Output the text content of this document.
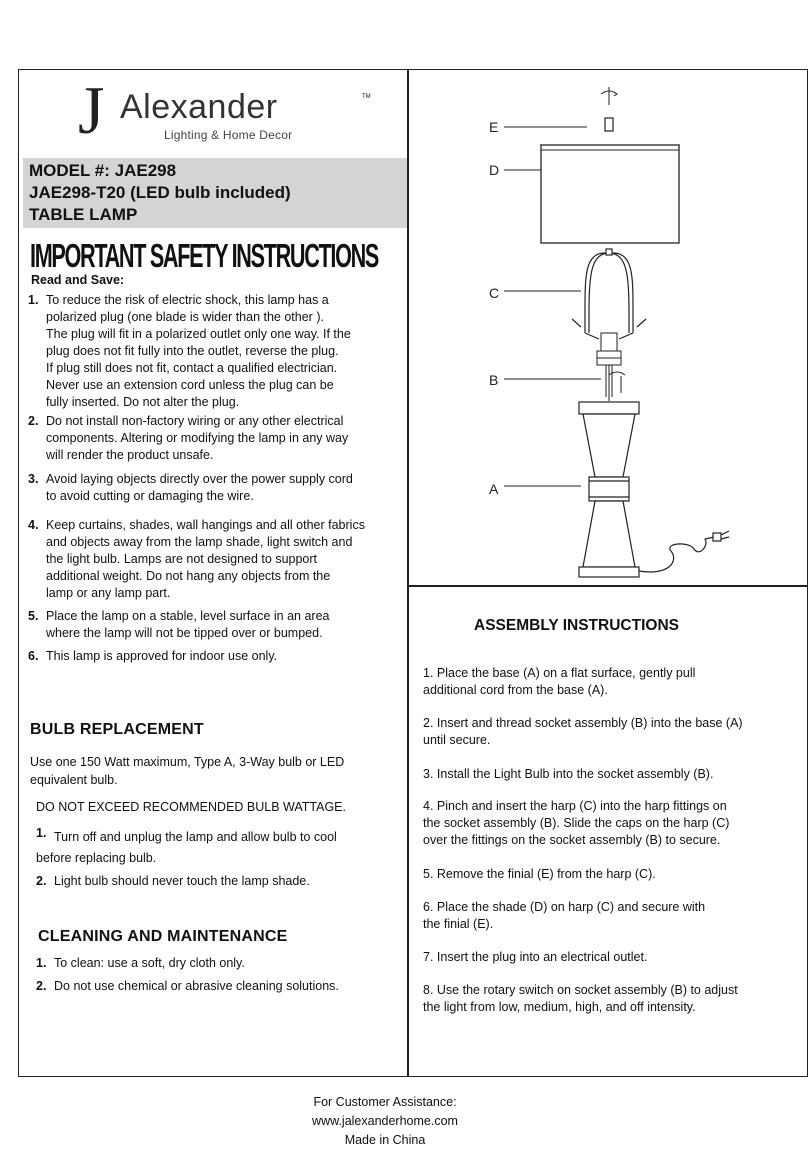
J Alexander	TM
Lighting & Home Decor
MODEL #: JAE298
JAE298-T20 (LED bulb included)
TABLE LAMP
IMPORTANT SAFETY INSTRUCTIONS
Read and Save:
1. To reduce the risk of electric shock, this lamp has a
polarized plug (one blade is wider than the other ).
The plug will fit in a polarized outlet only one way. If the
plug does not fit fully into the outlet, reverse the plug.
If plug still does not fit, contact a qualified electrician.
Never use an extension cord unless the plug can be
fully inserted. Do not alter the plug.
2. Do not install non-factory wiring or any other electrical
components. Altering or modifying the lamp in any way
will render the product unsafe.
3. Avoid laying objects directly over the power supply cord
to avoid cutting or damaging the wire.
4. Keep curtains, shades, wall hangings and all other fabrics
and objects away from the lamp shade, light switch and
the light bulb. Lamps are not designed to support
additional weight. Do not hang any objects from the
lamp or any lamp part.
5. Place the lamp on a stable, level surface in an area
where the lamp will not be tipped over or bumped.
6. This lamp is approved for indoor use only.
BULB REPLACEMENT
Use one 150 Watt maximum, Type A, 3-Way bulb or LED
equivalent bulb.
DO NOT EXCEED RECOMMENDED BULB WATTAGE.
1. Turn off and unplug the lamp and allow bulb to cool
before replacing bulb.
2. Light bulb should never touch the lamp shade.
CLEANING AND MAINTENANCE
1. To clean: use a soft, dry cloth only.
2. Do not use chemical or abrasive cleaning solutions.
E
D
C
B
A
ASSEMBLY INSTRUCTIONS
1. Place the base (A) on a flat surface, gently pull
additional cord from the base (A).
2. Insert and thread socket assembly (B) into the base (A)
until secure.
3. Install the Light Bulb into the socket assembly (B).
4. Pinch and insert the harp (C) into the harp fittings on
the socket assembly (B). Slide the caps on the harp (C)
over the fittings on the socket assembly (B) to secure.
5. Remove the finial (E) from the harp (C).
6. Place the shade (D) on harp (C) and secure with
the finial (E).
7. Insert the plug into an electrical outlet.
8. Use the rotary switch on socket assembly (B) to adjust
the light from low, medium, high, and off intensity.
For Customer Assistance:
www.jalexanderhome.com
Made in China
